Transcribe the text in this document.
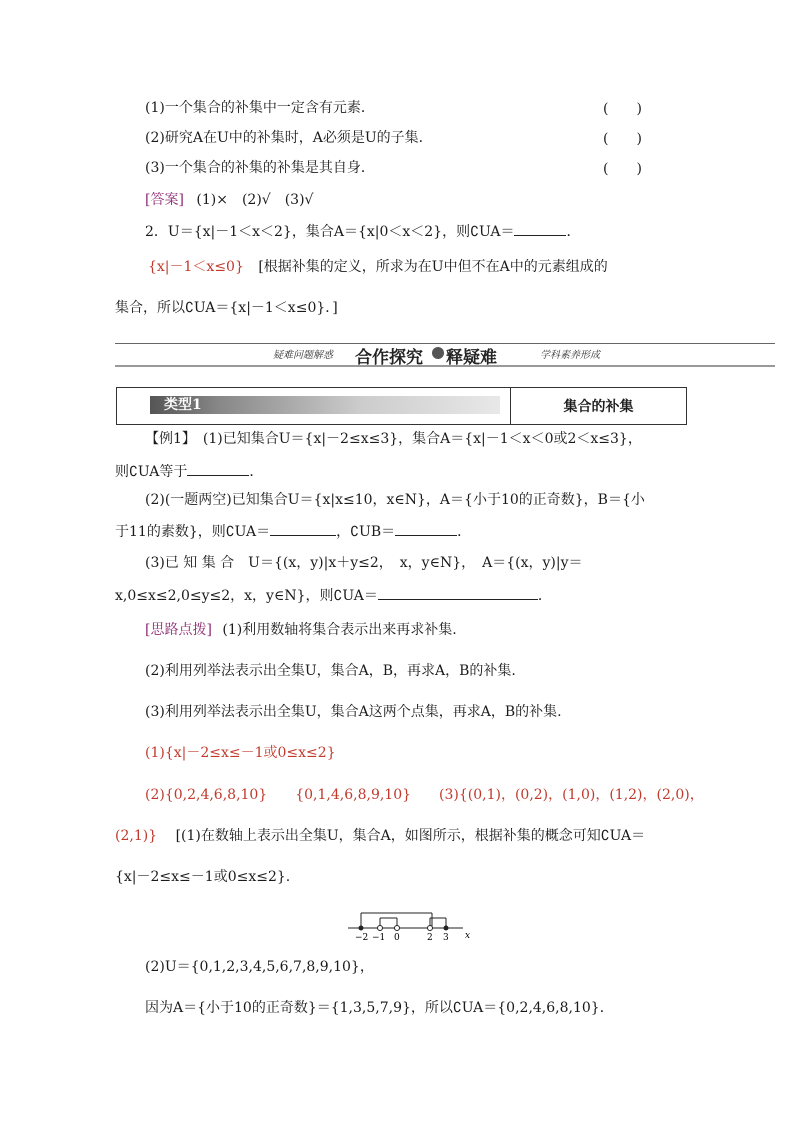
(1)一个集合的补集中一定含有元素．	(　　)
(2)研究A在U中的补集时，A必须是U的子集．	(　　)
(3)一个集合的补集的补集是其自身．	(　　)
[答案] (1)×　(2)√　(3)√
2．U＝{x|－1＜x＜2}，集合A＝{x|0＜x＜2}，则∁UA＝	．
{x|－1＜x≤0} [根据补集的定义，所求为在U中但不在A中的元素组成的
集合，所以∁UA＝{x|－1＜x≤0}．]
疑难问题解惑 合作探究 释疑难	学科素养形成
类型1	集合的补集
【例1】　(1)已知集合U＝{x|－2≤x≤3}，集合A＝{x|－1＜x＜0或2＜x≤3}，
则∁UA等于	．
(2)(一题两空)已知集合U＝{x|x≤10，x∈N}，A＝{小于10的正奇数}，B＝{小
于11的素数}，则∁UA＝	，∁UB＝	．
(3)已 知 集 合　U＝{(x，y)|x＋y≤2，　x，y∈N}，　A＝{(x，y)|y＝
x,0≤x≤2,0≤y≤2，x，y∈N}，则∁UA＝	．
[思路点拨] (1)利用数轴将集合表示出来再求补集.
(2)利用列举法表示出全集U，集合A，B，再求A，B的补集.
(3)利用列举法表示出全集U，集合A这两个点集，再求A，B的补集.
(1){x|－2≤x≤－1或0≤x≤2}
(2){0,2,4,6,8,10}　　{0,1,4,6,8,9,10}　　(3){(0,1)，(0,2)，(1,0)，(1,2)，(2,0)，
(2,1)} [(1)在数轴上表示出全集U，集合A，如图所示，根据补集的概念可知∁UA＝
{x|－2≤x≤－1或0≤x≤2}.
−2 −1 0	2 3 x
(2)U＝{0,1,2,3,4,5,6,7,8,9,10}，
因为A＝{小于10的正奇数}＝{1,3,5,7,9}，所以∁UA＝{0,2,4,6,8,10}．
